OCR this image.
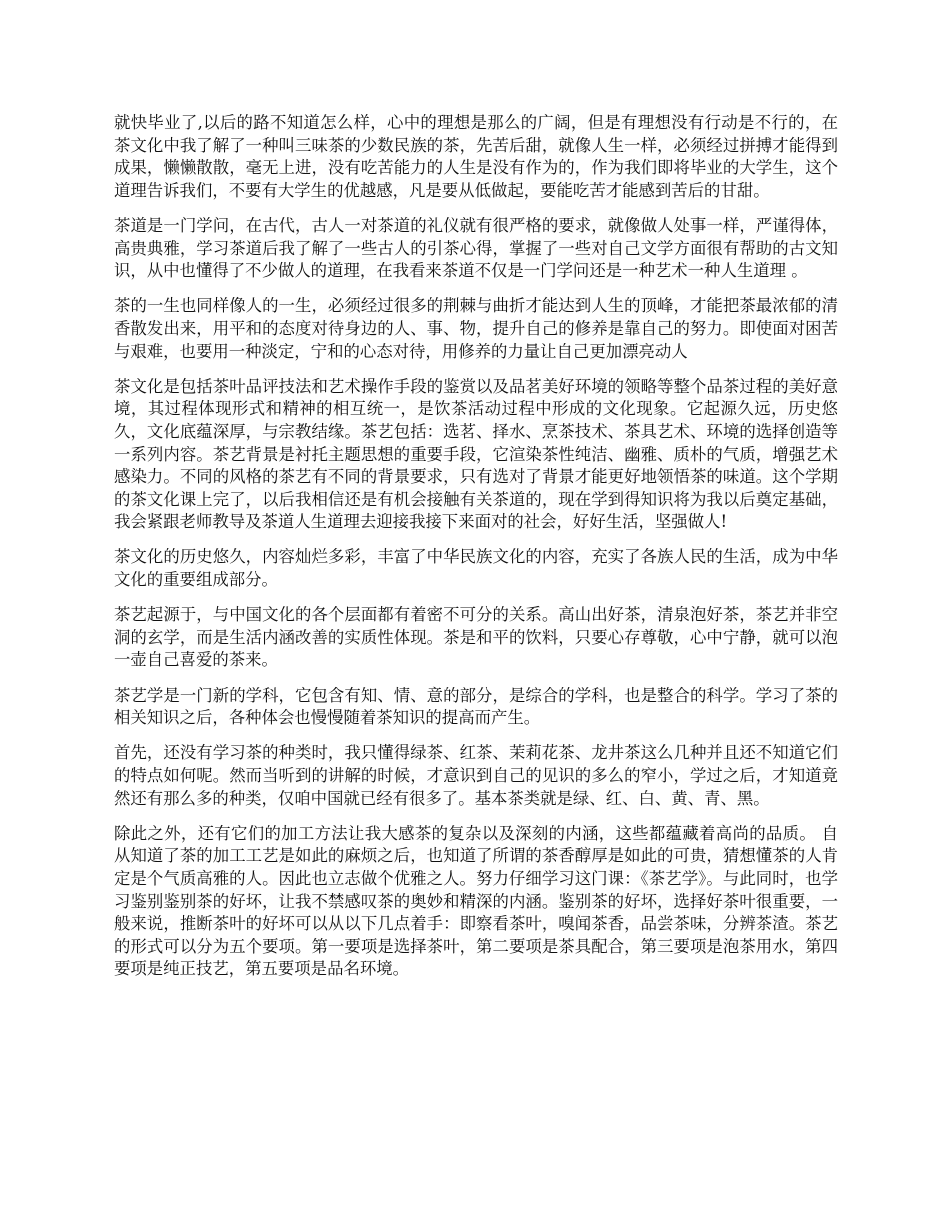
就快毕业了,以后的路不知道怎么样，心中的理想是那么的广阔，但是有理想没有行动是不行的，在茶文化中我了解了一种叫三味茶的少数民族的茶，先苦后甜，就像人生一样，必须经过拼搏才能得到成果，懒懒散散，毫无上进，没有吃苦能力的人生是没有作为的，作为我们即将毕业的大学生，这个道理告诉我们，不要有大学生的优越感，凡是要从低做起，要能吃苦才能感到苦后的甘甜。

茶道是一门学问，在古代，古人一对茶道的礼仪就有很严格的要求，就像做人处事一样，严谨得体，高贵典雅，学习茶道后我了解了一些古人的引茶心得，掌握了一些对自己文学方面很有帮助的古文知识，从中也懂得了不少做人的道理，在我看来茶道不仅是一门学问还是一种艺术一种人生道理 。

茶的一生也同样像人的一生，必须经过很多的荆棘与曲折才能达到人生的顶峰，才能把茶最浓郁的清香散发出来，用平和的态度对待身边的人、事、物，提升自己的修养是靠自己的努力。即使面对困苦与艰难，也要用一种淡定，宁和的心态对待，用修养的力量让自己更加漂亮动人

茶文化是包括茶叶品评技法和艺术操作手段的鉴赏以及品茗美好环境的领略等整个品茶过程的美好意境，其过程体现形式和精神的相互统一，是饮茶活动过程中形成的文化现象。它起源久远，历史悠久，文化底蕴深厚，与宗教结缘。茶艺包括：选茗、择水、烹茶技术、茶具艺术、环境的选择创造等一系列内容。茶艺背景是衬托主题思想的重要手段，它渲染茶性纯洁、幽雅、质朴的气质，增强艺术感染力。不同的风格的茶艺有不同的背景要求，只有选对了背景才能更好地领悟茶的味道。这个学期的茶文化课上完了，以后我相信还是有机会接触有关茶道的，现在学到得知识将为我以后奠定基础，我会紧跟老师教导及茶道人生道理去迎接我接下来面对的社会，好好生活，坚强做人!

茶文化的历史悠久，内容灿烂多彩，丰富了中华民族文化的内容，充实了各族人民的生活，成为中华文化的重要组成部分。

茶艺起源于，与中国文化的各个层面都有着密不可分的关系。高山出好茶，清泉泡好茶，茶艺并非空洞的玄学，而是生活内涵改善的实质性体现。茶是和平的饮料，只要心存尊敬，心中宁静，就可以泡一壶自己喜爱的茶来。

茶艺学是一门新的学科，它包含有知、情、意的部分，是综合的学科，也是整合的科学。学习了茶的相关知识之后，各种体会也慢慢随着茶知识的提高而产生。

首先，还没有学习茶的种类时，我只懂得绿茶、红茶、茉莉花茶、龙井茶这么几种并且还不知道它们的特点如何呢。然而当听到的讲解的时候，才意识到自己的见识的多么的窄小，学过之后，才知道竟然还有那么多的种类，仅咱中国就已经有很多了。基本茶类就是绿、红、白、黄、青、黑。

除此之外，还有它们的加工方法让我大感茶的复杂以及深刻的内涵，这些都蕴藏着高尚的品质。 自从知道了茶的加工工艺是如此的麻烦之后，也知道了所谓的茶香醇厚是如此的可贵，猜想懂茶的人肯定是个气质高雅的人。因此也立志做个优雅之人。努力仔细学习这门课：《茶艺学》。与此同时，也学习鉴别鉴别茶的好坏，让我不禁感叹茶的奥妙和精深的内涵。鉴别茶的好坏，选择好茶叶很重要，一般来说，推断茶叶的好坏可以从以下几点着手：即察看茶叶，嗅闻茶香，品尝茶味，分辨茶渣。茶艺的形式可以分为五个要项。第一要项是选择茶叶，第二要项是茶具配合，第三要项是泡茶用水，第四要项是纯正技艺，第五要项是品名环境。
